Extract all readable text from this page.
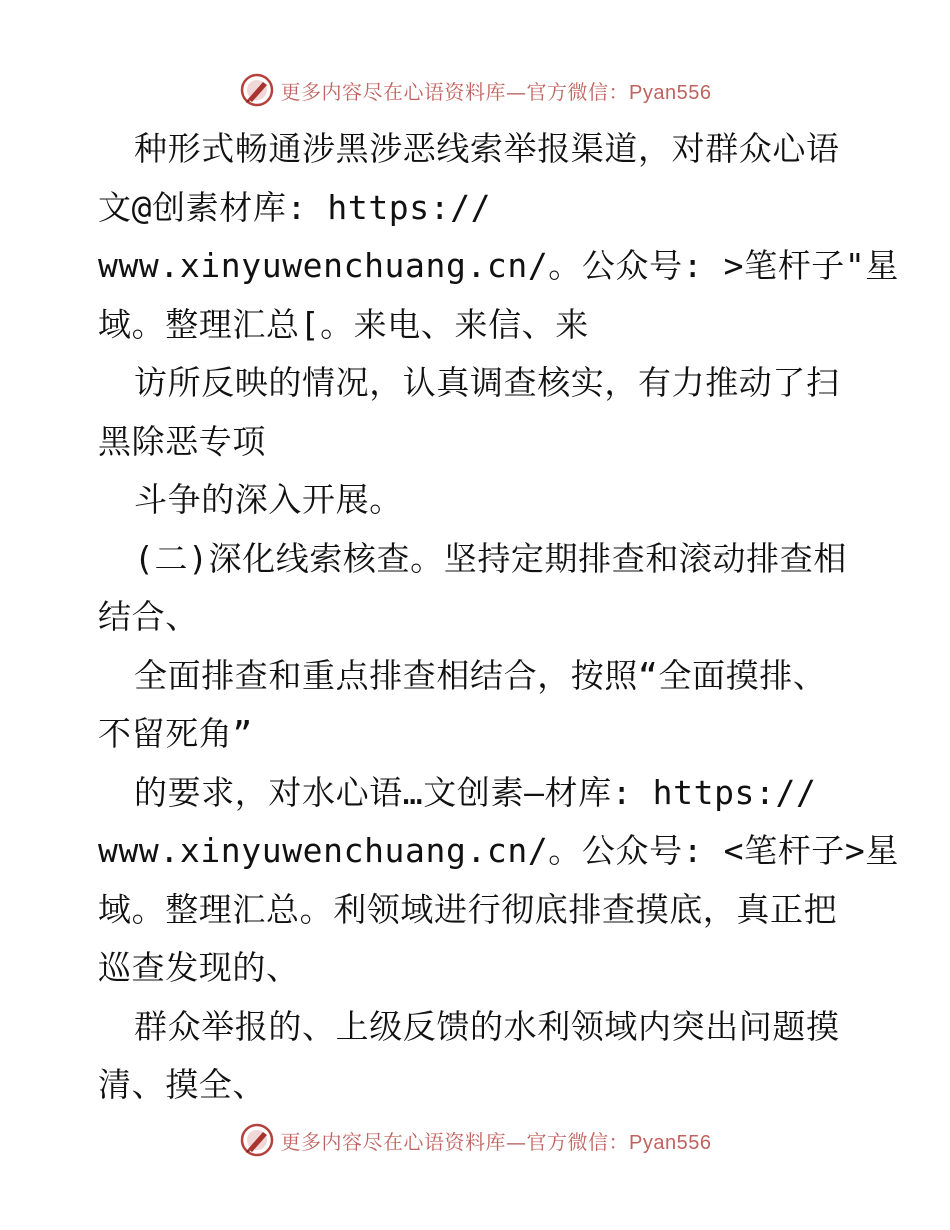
更多内容尽在心语资料库—官方微信：Pyan556
种形式畅通涉黑涉恶线索举报渠道，对群众心语
文@创素材库: https://
www.xinyuwenchuang.cn/。公众号: >笔杆子"星
域。整理汇总[。来电、来信、来
访所反映的情况，认真调查核实，有力推动了扫
黑除恶专项
斗争的深入开展。
(二)深化线索核查。坚持定期排查和滚动排查相
结合、
全面排查和重点排查相结合，按照“全面摸排、
不留死角”
的要求，对水心语…文创素—材库: https://
www.xinyuwenchuang.cn/。公众号: <笔杆子>星
域。整理汇总。利领域进行彻底排查摸底，真正把
巡查发现的、
群众举报的、上级反馈的水利领域内突出问题摸
清、摸全、
更多内容尽在心语资料库—官方微信：Pyan556
